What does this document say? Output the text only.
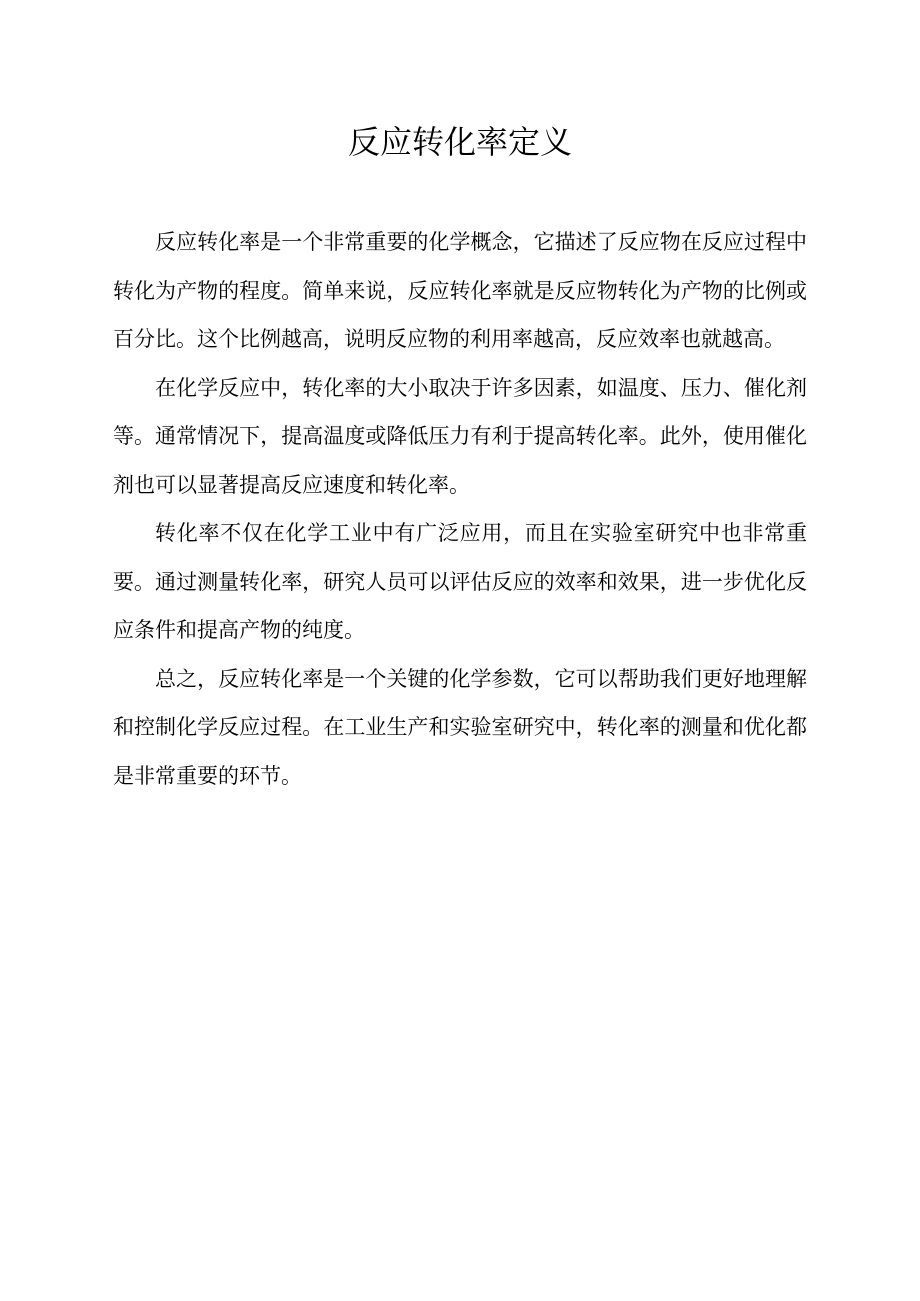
反应转化率定义

反应转化率是一个非常重要的化学概念，它描述了反应物在反应过程中转化为产物的程度。简单来说，反应转化率就是反应物转化为产物的比例或百分比。这个比例越高，说明反应物的利用率越高，反应效率也就越高。

在化学反应中，转化率的大小取决于许多因素，如温度、压力、催化剂等。通常情况下，提高温度或降低压力有利于提高转化率。此外，使用催化剂也可以显著提高反应速度和转化率。

转化率不仅在化学工业中有广泛应用，而且在实验室研究中也非常重要。通过测量转化率，研究人员可以评估反应的效率和效果，进一步优化反应条件和提高产物的纯度。

总之，反应转化率是一个关键的化学参数，它可以帮助我们更好地理解和控制化学反应过程。在工业生产和实验室研究中，转化率的测量和优化都是非常重要的环节。
